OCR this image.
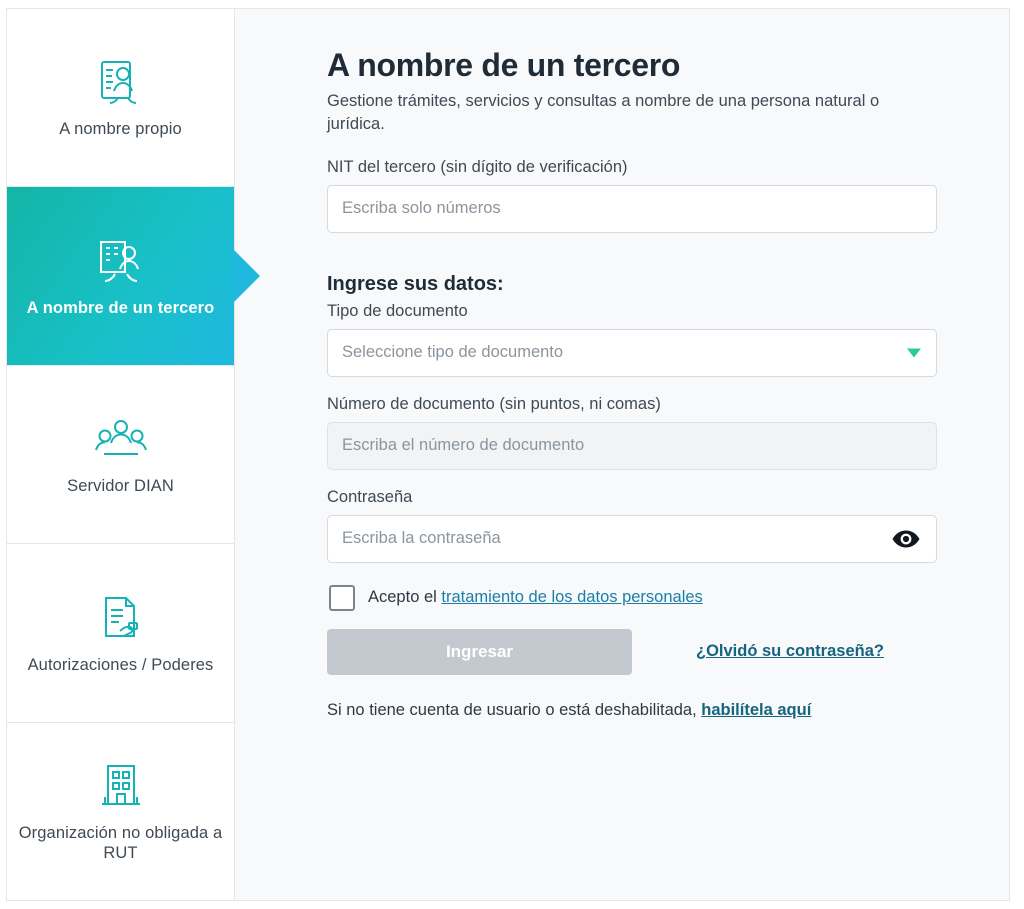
A nombre propio
A nombre de un tercero
Servidor DIAN
Autorizaciones / Poderes
Organización no obligada a RUT
A nombre de un tercero

Gestione trámites, servicios y consultas a nombre de una persona natural o jurídica.

NIT del tercero (sin dígito de verificación)
Escriba solo números
Ingrese sus datos:
Tipo de documento
Seleccione tipo de documento
Número de documento (sin puntos, ni comas)
Escriba el número de documento
Contraseña
Escriba la contraseña
Acepto el tratamiento de los datos personales
Ingresar	¿Olvidó su contraseña?
Si no tiene cuenta de usuario o está deshabilitada, habilítela aquí
